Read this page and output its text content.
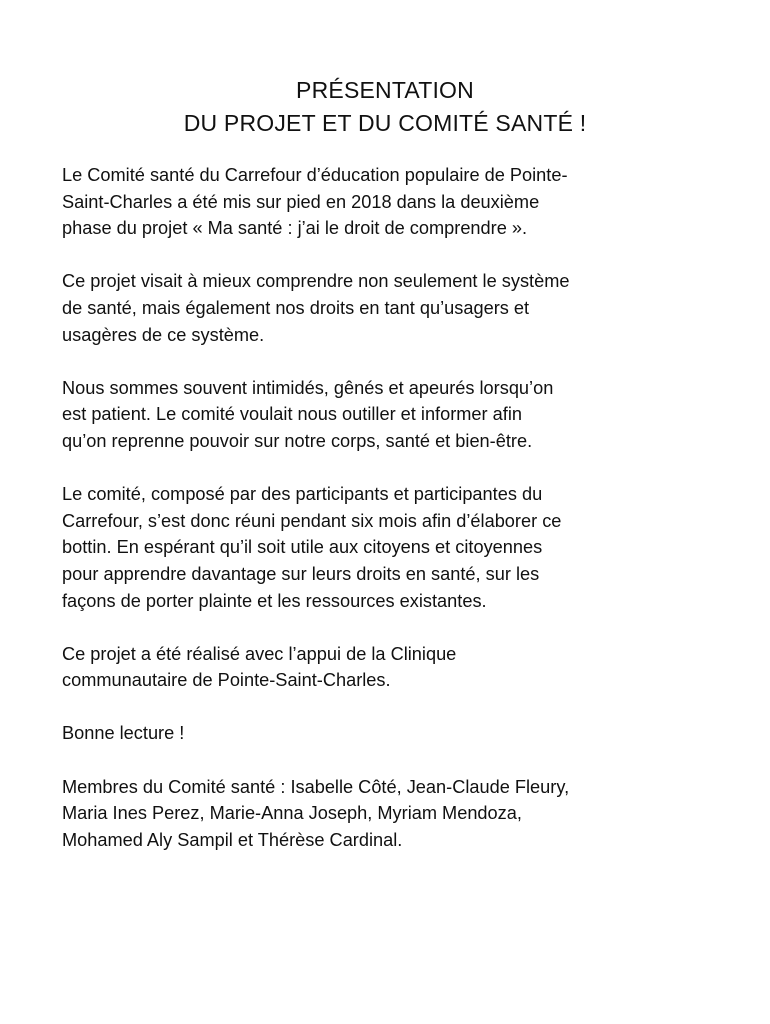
PRÉSENTATION
DU PROJET ET DU COMITÉ SANTÉ !

Le Comité santé du Carrefour d’éducation populaire de Pointe-
Saint-Charles a été mis sur pied en 2018 dans la deuxième
phase du projet « Ma santé : j’ai le droit de comprendre ».

Ce projet visait à mieux comprendre non seulement le système
de santé, mais également nos droits en tant qu’usagers et
usagères de ce système.

Nous sommes souvent intimidés, gênés et apeurés lorsqu’on
est patient. Le comité voulait nous outiller et informer afin
qu’on reprenne pouvoir sur notre corps, santé et bien-être.

Le comité, composé par des participants et participantes du
Carrefour, s’est donc réuni pendant six mois afin d’élaborer ce
bottin. En espérant qu’il soit utile aux citoyens et citoyennes
pour apprendre davantage sur leurs droits en santé, sur les
façons de porter plainte et les ressources existantes.

Ce projet a été réalisé avec l’appui de la Clinique
communautaire de Pointe-Saint-Charles.

Bonne lecture !

Membres du Comité santé : Isabelle Côté, Jean-Claude Fleury,
Maria Ines Perez, Marie-Anna Joseph, Myriam Mendoza,
Mohamed Aly Sampil et Thérèse Cardinal.
